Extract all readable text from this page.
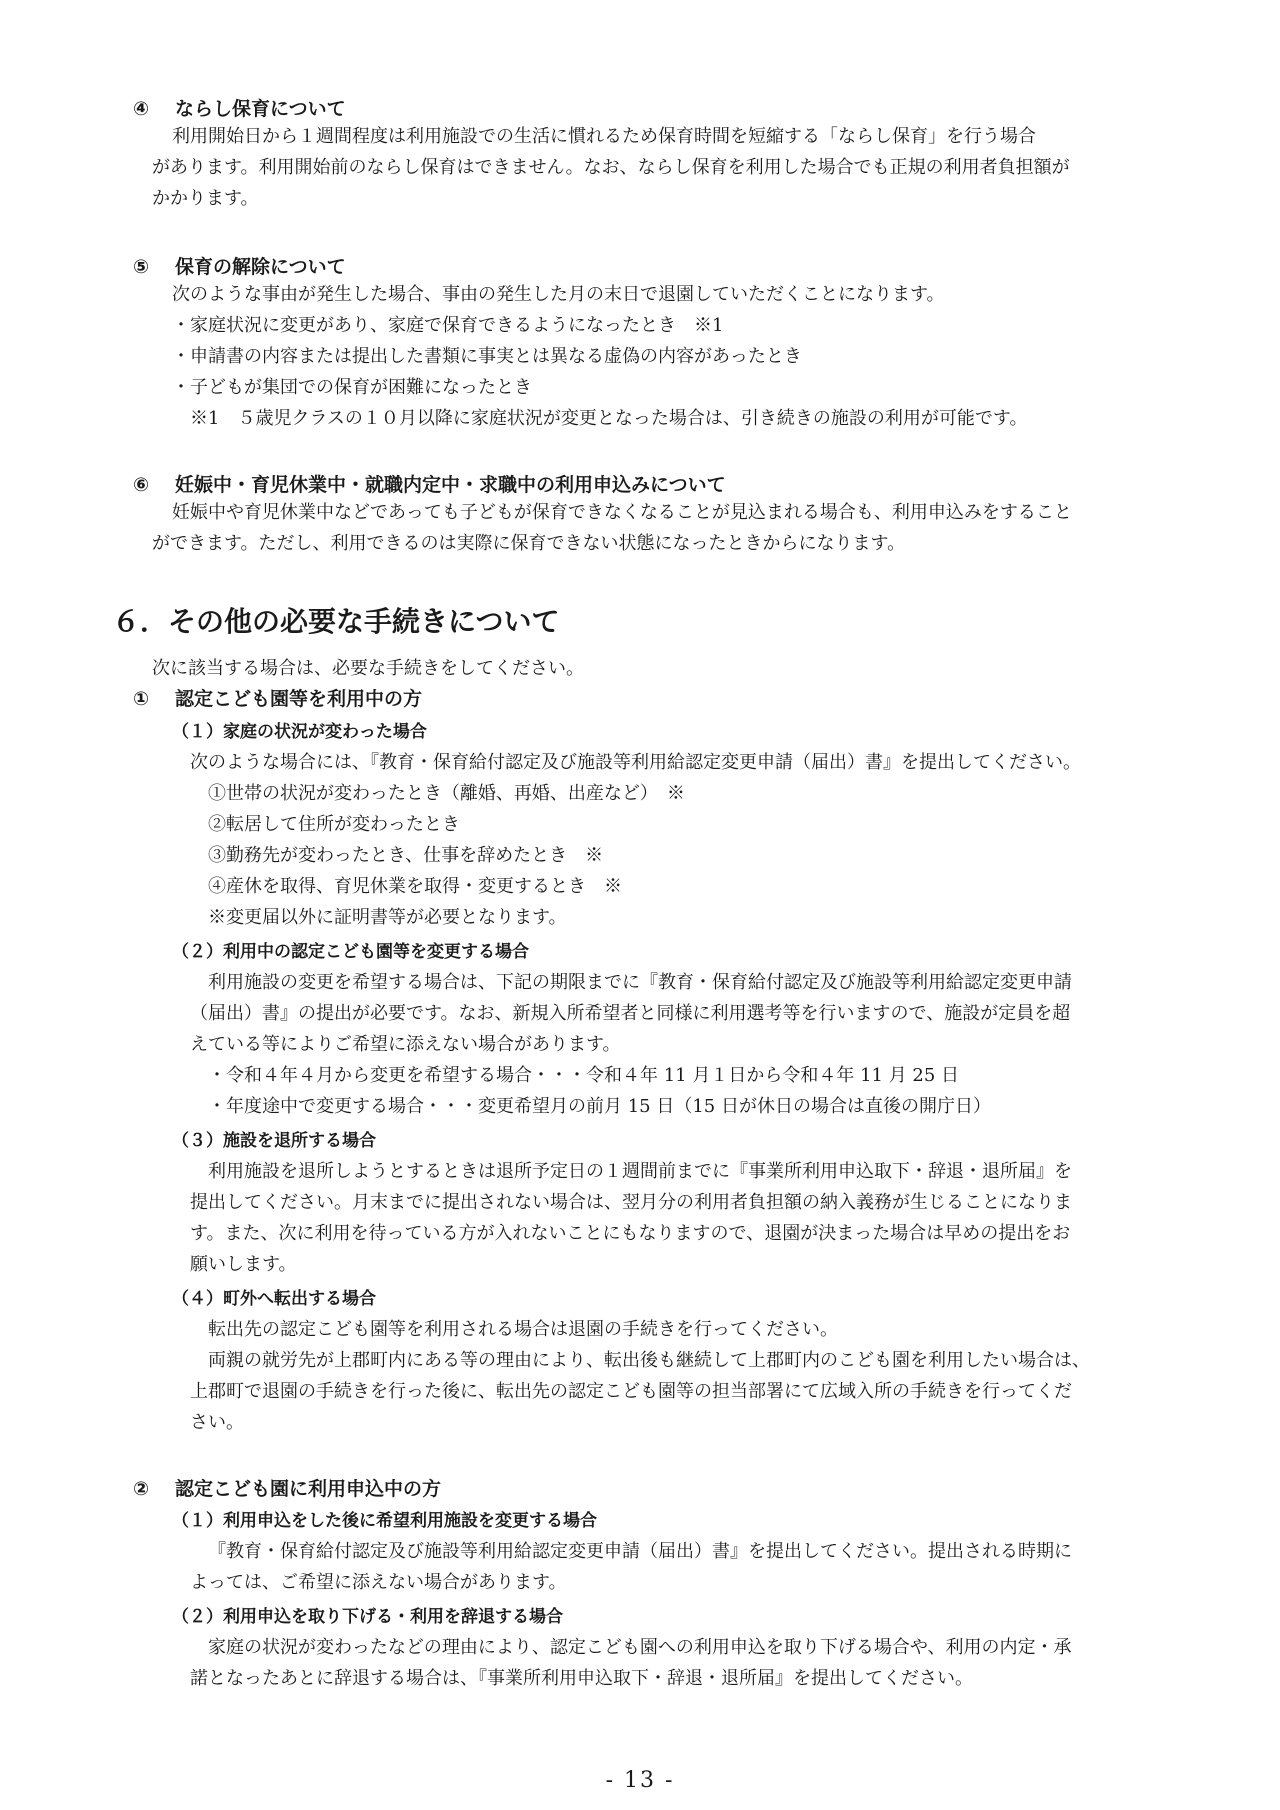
④ ならし保育について
利用開始日から１週間程度は利用施設での生活に慣れるため保育時間を短縮する「ならし保育」を行う場合
があります。利用開始前のならし保育はできません。なお、ならし保育を利用した場合でも正規の利用者負担額が
かかります。
⑤ 保育の解除について
次のような事由が発生した場合、事由の発生した月の末日で退園していただくことになります。
・家庭状況に変更があり、家庭で保育できるようになったとき　※1
・申請書の内容または提出した書類に事実とは異なる虚偽の内容があったとき
・子どもが集団での保育が困難になったとき
※1　５歳児クラスの１０月以降に家庭状況が変更となった場合は、引き続きの施設の利用が可能です。
⑥ 妊娠中・育児休業中・就職内定中・求職中の利用申込みについて
妊娠中や育児休業中などであっても子どもが保育できなくなることが見込まれる場合も、利用申込みをすること
ができます。ただし、利用できるのは実際に保育できない状態になったときからになります。
６．その他の必要な手続きについて
次に該当する場合は、必要な手続きをしてください。
① 認定こども園等を利用中の方
（１）家庭の状況が変わった場合
次のような場合には、『教育・保育給付認定及び施設等利用給認定変更申請（届出）書』を提出してください。
①世帯の状況が変わったとき（離婚、再婚、出産など）　※
②転居して住所が変わったとき
③勤務先が変わったとき、仕事を辞めたとき　※
④産休を取得、育児休業を取得・変更するとき　※
※変更届以外に証明書等が必要となります。
（２）利用中の認定こども園等を変更する場合
利用施設の変更を希望する場合は、下記の期限までに『教育・保育給付認定及び施設等利用給認定変更申請
（届出）書』の提出が必要です。なお、新規入所希望者と同様に利用選考等を行いますので、施設が定員を超
えている等によりご希望に添えない場合があります。
・令和４年４月から変更を希望する場合・・・令和４年 11 月１日から令和４年 11 月 25 日
・年度途中で変更する場合・・・変更希望月の前月 15 日（15 日が休日の場合は直後の開庁日）
（３）施設を退所する場合
利用施設を退所しようとするときは退所予定日の１週間前までに『事業所利用申込取下・辞退・退所届』を
提出してください。月末までに提出されない場合は、翌月分の利用者負担額の納入義務が生じることになりま
す。また、次に利用を待っている方が入れないことにもなりますので、退園が決まった場合は早めの提出をお
願いします。
（４）町外へ転出する場合
転出先の認定こども園等を利用される場合は退園の手続きを行ってください。
両親の就労先が上郡町内にある等の理由により、転出後も継続して上郡町内のこども園を利用したい場合は、
上郡町で退園の手続きを行った後に、転出先の認定こども園等の担当部署にて広域入所の手続きを行ってくだ
さい。
② 認定こども園に利用申込中の方
（１）利用申込をした後に希望利用施設を変更する場合
『教育・保育給付認定及び施設等利用給認定変更申請（届出）書』を提出してください。提出される時期に
よっては、ご希望に添えない場合があります。
（２）利用申込を取り下げる・利用を辞退する場合
家庭の状況が変わったなどの理由により、認定こども園への利用申込を取り下げる場合や、利用の内定・承
諾となったあとに辞退する場合は、『事業所利用申込取下・辞退・退所届』を提出してください。
- 13 -
